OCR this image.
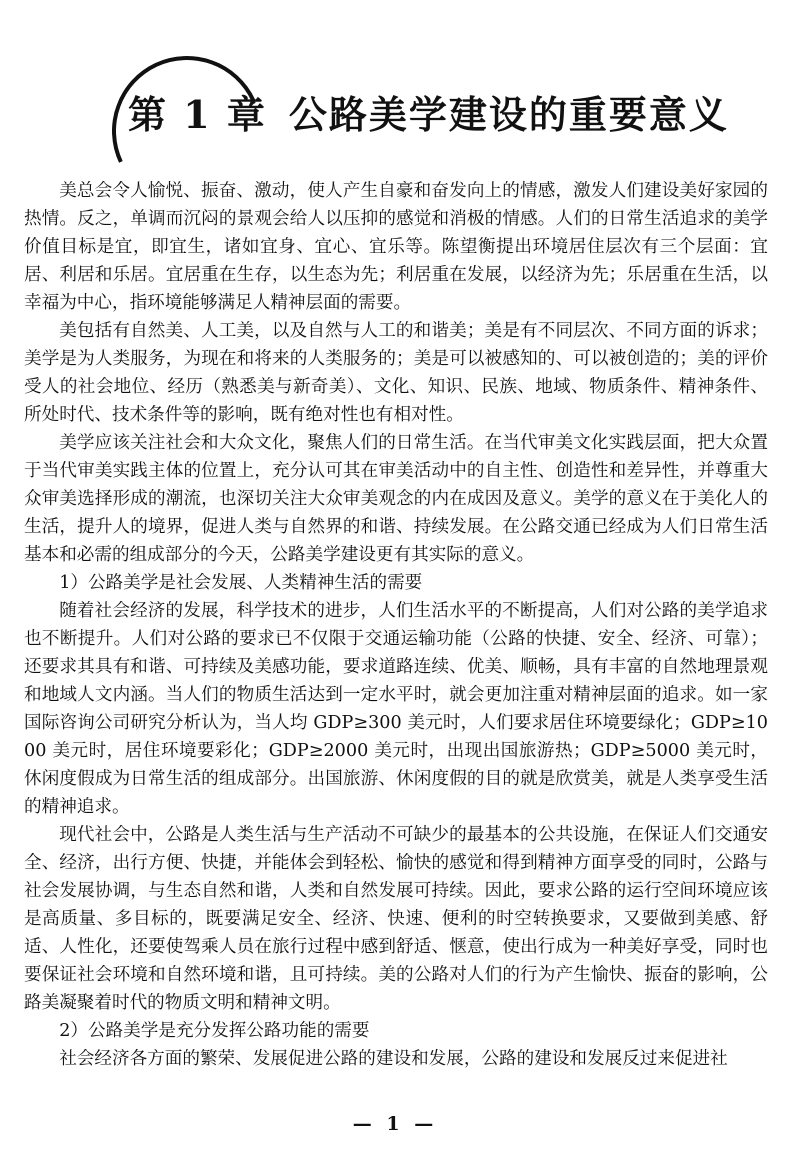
第 1 章 公路美学建设的重要意义

美总会令人愉悦、振奋、激动，使人产生自豪和奋发向上的情感，激发人们建设美好家园的热情。反之，单调而沉闷的景观会给人以压抑的感觉和消极的情感。人们的日常生活追求的美学价值目标是宜，即宜生，诸如宜身、宜心、宜乐等。陈望衡提出环境居住层次有三个层面：宜居、利居和乐居。宜居重在生存，以生态为先；利居重在发展，以经济为先；乐居重在生活，以幸福为中心，指环境能够满足人精神层面的需要。

美包括有自然美、人工美，以及自然与人工的和谐美；美是有不同层次、不同方面的诉求；美学是为人类服务，为现在和将来的人类服务的；美是可以被感知的、可以被创造的；美的评价受人的社会地位、经历（熟悉美与新奇美）、文化、知识、民族、地域、物质条件、精神条件、所处时代、技术条件等的影响，既有绝对性也有相对性。

美学应该关注社会和大众文化，聚焦人们的日常生活。在当代审美文化实践层面，把大众置于当代审美实践主体的位置上，充分认可其在审美活动中的自主性、创造性和差异性，并尊重大众审美选择形成的潮流，也深切关注大众审美观念的内在成因及意义。美学的意义在于美化人的生活，提升人的境界，促进人类与自然界的和谐、持续发展。在公路交通已经成为人们日常生活基本和必需的组成部分的今天，公路美学建设更有其实际的意义。

1）公路美学是社会发展、人类精神生活的需要

随着社会经济的发展，科学技术的进步，人们生活水平的不断提高，人们对公路的美学追求也不断提升。人们对公路的要求已不仅限于交通运输功能（公路的快捷、安全、经济、可靠）；还要求其具有和谐、可持续及美感功能，要求道路连续、优美、顺畅，具有丰富的自然地理景观和地域人文内涵。当人们的物质生活达到一定水平时，就会更加注重对精神层面的追求。如一家国际咨询公司研究分析认为，当人均 GDP≥300 美元时，人们要求居住环境要绿化；GDP≥1000 美元时，居住环境要彩化；GDP≥2000 美元时，出现出国旅游热；GDP≥5000 美元时，休闲度假成为日常生活的组成部分。出国旅游、休闲度假的目的就是欣赏美，就是人类享受生活的精神追求。

现代社会中，公路是人类生活与生产活动不可缺少的最基本的公共设施，在保证人们交通安全、经济，出行方便、快捷，并能体会到轻松、愉快的感觉和得到精神方面享受的同时，公路与社会发展协调，与生态自然和谐，人类和自然发展可持续。因此，要求公路的运行空间环境应该是高质量、多目标的，既要满足安全、经济、快速、便利的时空转换要求，又要做到美感、舒适、人性化，还要使驾乘人员在旅行过程中感到舒适、惬意，使出行成为一种美好享受，同时也要保证社会环境和自然环境和谐，且可持续。美的公路对人们的行为产生愉快、振奋的影响，公路美凝聚着时代的物质文明和精神文明。

2）公路美学是充分发挥公路功能的需要

社会经济各方面的繁荣、发展促进公路的建设和发展，公路的建设和发展反过来促进社

— 1 —
